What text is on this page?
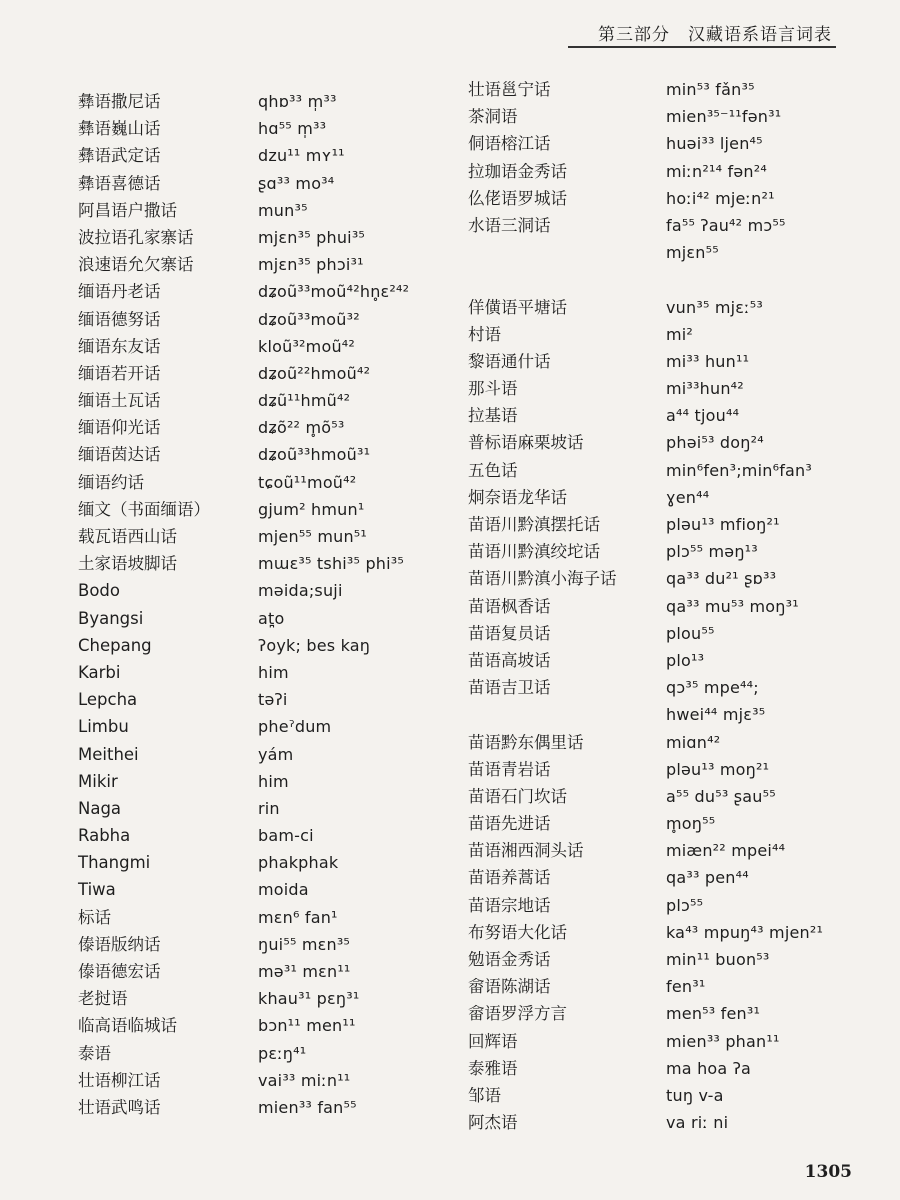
第三部分 汉藏语系语言词表
彝语撒尼话	qhɒ³³ m̩³³
彝语巍山话	hɑ⁵⁵ m̩³³
彝语武定话	dzu¹¹ mʏ¹¹
彝语喜德话	ʂɑ³³ mo³⁴
阿昌语户撒话	mun³⁵
波拉语孔家寨话	mjɛn³⁵ phui³⁵
浪速语允欠寨话	mjɛn³⁵ phɔi³¹
缅语丹老话	dʑoũ³³moũ⁴²hn̥ɛ²⁴²
缅语德努话	dʑoũ³³moũ³²
缅语东友话	kloũ³²moũ⁴²
缅语若开话	dʑoũ²²hmoũ⁴²
缅语土瓦话	dʑũ¹¹hmũ⁴²
缅语仰光话	dʑõ²² m̥õ⁵³
缅语茵达话	dʑoũ³³hmoũ³¹
缅语约话	tɕoũ¹¹moũ⁴²
缅文（书面缅语）	gjum² hmun¹
载瓦语西山话	mjen⁵⁵ mun⁵¹
土家语坡脚话	mɯɛ³⁵ tshi³⁵ phi³⁵
Bodo	məida;suji
Byangsi	at̪o
Chepang	ʔoyk; bes kaŋ
Karbi	him
Lepcha	təʔi
Limbu	pheˀdum
Meithei	yám
Mikir	him
Naga	rin
Rabha	bam-ci
Thangmi	phakphak
Tiwa	moida
标话	mɛn⁶ fan¹
傣语版纳话	ŋui⁵⁵ mɛn³⁵
傣语德宏话	mə³¹ mɛn¹¹
老挝语	khau³¹ pɛŋ³¹
临高语临城话	bɔn¹¹ men¹¹
泰语	pɛːŋ⁴¹
壮语柳江话	vai³³ miːn¹¹
壮语武鸣话	mien³³ fan⁵⁵
壮语邕宁话	min⁵³ fǎn³⁵
茶洞语	mien³⁵⁻¹¹fən³¹
侗语榕江话	huəi³³ ljen⁴⁵
拉珈语金秀话	miːn²¹⁴ fən²⁴
仫佬语罗城话	hoːi⁴² mjeːn²¹
水语三洞话	fa⁵⁵ ʔau⁴² mɔ⁵⁵
mjɛn⁵⁵
佯僙语平塘话	vun³⁵ mjɛː⁵³
村语	mi²
黎语通什话	mi³³ hun¹¹
那斗语	mi³³hun⁴²
拉基语	a⁴⁴ tjou⁴⁴
普标语麻栗坡话	phəi⁵³ doŋ²⁴
五色话	min⁶fen³;min⁶fan³
炯奈语龙华话	ɣen⁴⁴
苗语川黔滇摆托话	pləu¹³ mfioŋ²¹
苗语川黔滇绞坨话	plɔ⁵⁵ məŋ¹³
苗语川黔滇小海子话	qa³³ du²¹ ʂɒ³³
苗语枫香话	qa³³ mu⁵³ moŋ³¹
苗语复员话	plou⁵⁵
苗语高坡话	plo¹³
苗语吉卫话	qɔ³⁵ mpe⁴⁴;
hwei⁴⁴ mjɛ³⁵
苗语黔东偶里话	miɑn⁴²
苗语青岩话	pləu¹³ moŋ²¹
苗语石门坎话	a⁵⁵ du⁵³ ʂau⁵⁵
苗语先进话	m̥oŋ⁵⁵
苗语湘西洞头话	miæn²² mpei⁴⁴
苗语养蒿话	qa³³ pen⁴⁴
苗语宗地话	plɔ⁵⁵
布努语大化话	ka⁴³ mpuŋ⁴³ mjen²¹
勉语金秀话	min¹¹ buon⁵³
畲语陈湖话	fen³¹
畲语罗浮方言	men⁵³ fen³¹
回辉语	mien³³ phan¹¹
泰雅语	ma hoa ʔa
邹语	tuŋ v-a
阿杰语	va riː ni
1305
